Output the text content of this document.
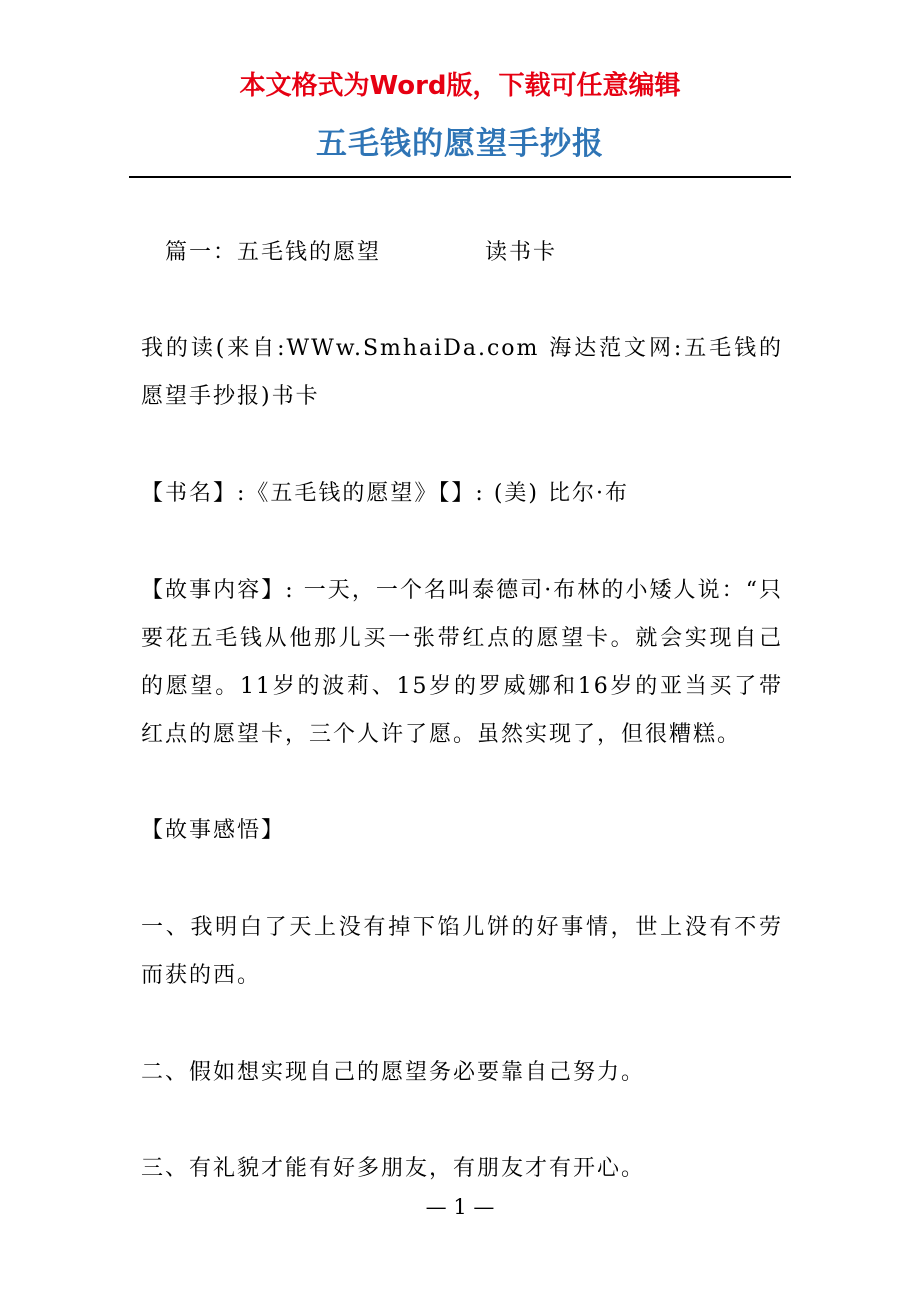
本文格式为Word版，下载可任意编辑
五毛钱的愿望手抄报
篇一：五毛钱的愿望	读书卡

我的读(来自:WWw.SmhaiDa.com 海达范文网:五毛钱的愿望手抄报)书卡

【书名】:《五毛钱的愿望》【】: (美) 比尔·布

【故事内容】: 一天，一个名叫泰德司·布林的小矮人说：“只要花五毛钱从他那儿买一张带红点的愿望卡。就会实现自己的愿望。11岁的波莉、15岁的罗威娜和16岁的亚当买了带红点的愿望卡，三个人许了愿。虽然实现了，但很糟糕。

【故事感悟】

一、我明白了天上没有掉下馅儿饼的好事情，世上没有不劳而获的西。

二、假如想实现自己的愿望务必要靠自己努力。

三、有礼貌才能有好多朋友，有朋友才有开心。

— 1 —
